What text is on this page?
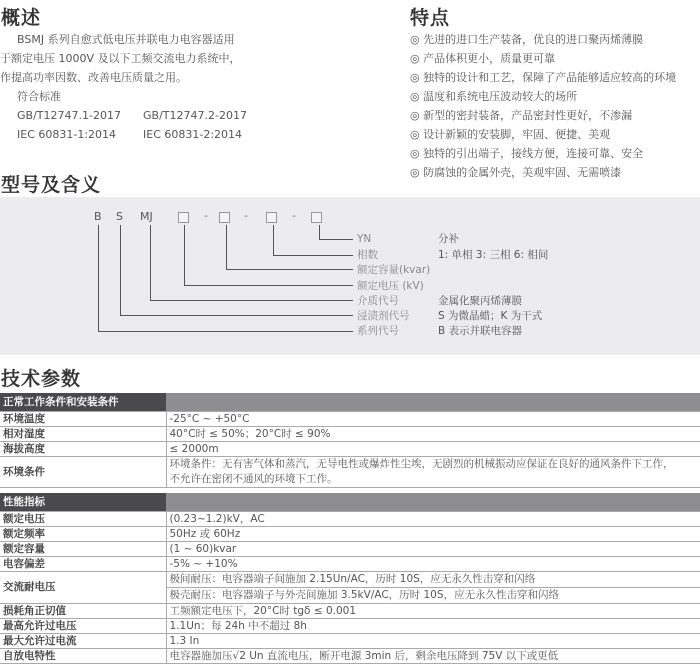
概述
BSMJ 系列自愈式低电压并联电力电容器适用
于额定电压 1000V 及以下工频交流电力系统中，
作提高功率因数、改善电压质量之用。
符合标准
GB/T12747.1-2017	GB/T12747.2-2017
IEC 60831-1:2014	IEC 60831-2:2014
特点
◎ 先进的进口生产装备，优良的进口聚丙烯薄膜
◎ 产品体积更小，质量更可靠
◎ 独特的设计和工艺，保障了产品能够适应较高的环境
◎ 温度和系统电压波动较大的场所
◎ 新型的密封装备，产品密封性更好，不渗漏
◎ 设计新颖的安装脚，牢固、便捷、美观
◎ 独特的引出端子，接线方便，连接可靠、安全
◎ 防腐蚀的金属外壳，美观牢固、无需喷漆
型号及含义
B S MJ	-	-	-
YN	分补
相数	1: 单相 3: 三相 6: 相间
额定容量(kvar)
额定电压 (kV)
介质代号	金属化聚丙烯薄膜
浸渍剂代号	S 为微晶蜡；K 为干式
系列代号	B 表示并联电容器
技术参数
正常工作条件和安装条件	
环境温度	-25°C ~ +50°C
相对湿度	40°C时 ≤ 50%；20°C时 ≤ 90%
海拔高度	≤ 2000m
环境条件	环境条件：无有害气体和蒸汽，无导电性或爆炸性尘埃，无剧烈的机械振动应保证在良好的通风条件下工作，
不允许在密闭不通风的环境下工作。
性能指标	
额定电压	(0.23~1.2)kV，AC
额定频率	50Hz 或 60Hz
额定容量	(1 ~ 60)kvar
电容偏差	-5% ~ +10%
交流耐电压	极间耐压：电容器端子间施加 2.15Un/AC，历时 10S，应无永久性击穿和闪络
极壳耐压：电容器端子与外壳间施加 3.5kV/AC，历时 10S，应无永久性击穿和闪络

损耗角正切值	工频额定电压下，20°C时 tgδ ≤ 0.001
最高允许过电压	1.1Un；每 24h 中不超过 8h
最大允许过电流	1.3 In
自放电特性	电容器施加压√2 Un 直流电压，断开电源 3min 后，剩余电压降到 75V 以下或更低
